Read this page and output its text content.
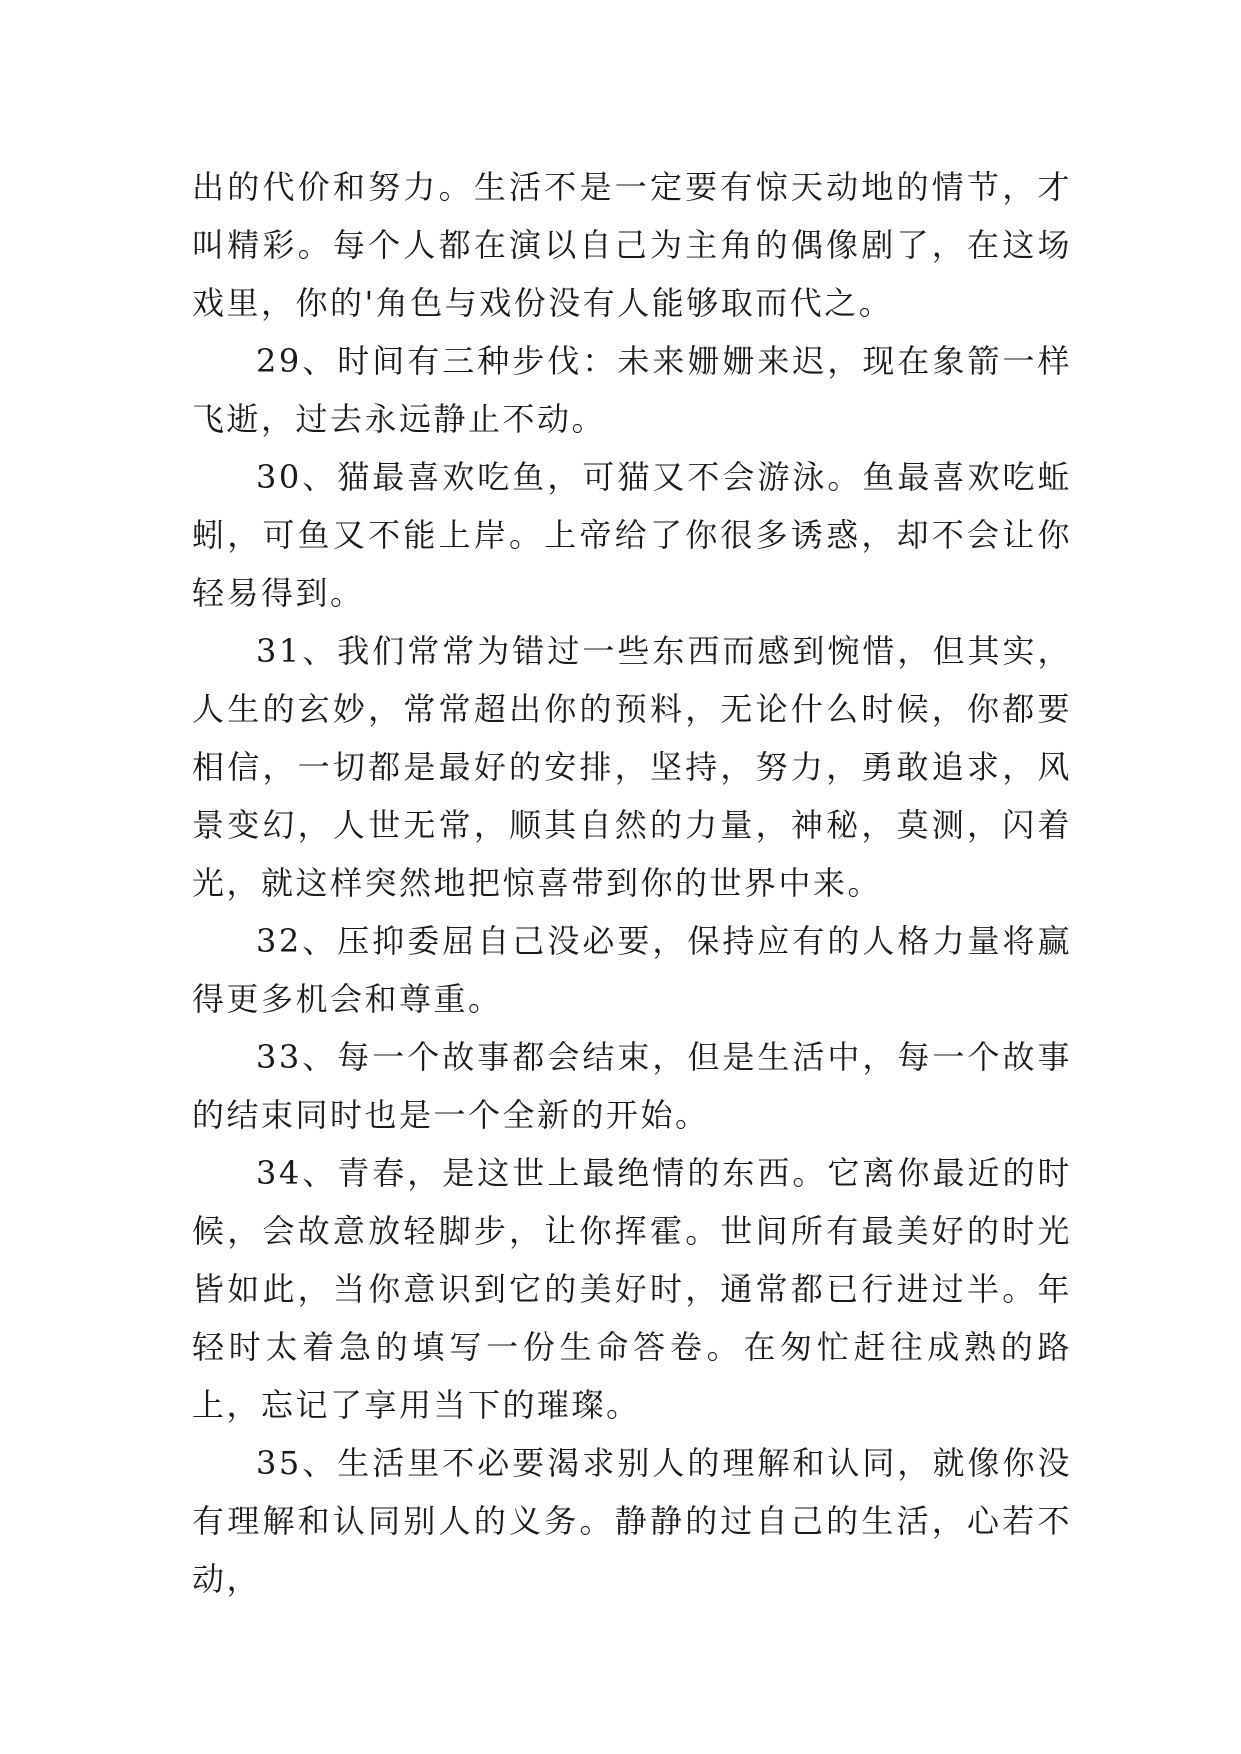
出的代价和努力。生活不是一定要有惊天动地的情节，才叫精彩。每个人都在演以自己为主角的偶像剧了，在这场戏里，你的'角色与戏份没有人能够取而代之。

29、时间有三种步伐：未来姗姗来迟，现在象箭一样飞逝，过去永远静止不动。

30、猫最喜欢吃鱼，可猫又不会游泳。鱼最喜欢吃蚯蚓，可鱼又不能上岸。上帝给了你很多诱惑，却不会让你轻易得到。

31、我们常常为错过一些东西而感到惋惜，但其实，人生的玄妙，常常超出你的预料，无论什么时候，你都要相信，一切都是最好的安排，坚持，努力，勇敢追求，风景变幻，人世无常，顺其自然的力量，神秘，莫测，闪着光，就这样突然地把惊喜带到你的世界中来。

32、压抑委屈自己没必要，保持应有的人格力量将赢得更多机会和尊重。

33、每一个故事都会结束，但是生活中，每一个故事的结束同时也是一个全新的开始。

34、青春，是这世上最绝情的东西。它离你最近的时候，会故意放轻脚步，让你挥霍。世间所有最美好的时光皆如此，当你意识到它的美好时，通常都已行进过半。年轻时太着急的填写一份生命答卷。在匆忙赶往成熟的路上，忘记了享用当下的璀璨。

35、生活里不必要渴求别人的理解和认同，就像你没有理解和认同别人的义务。静静的过自己的生活，心若不动，
